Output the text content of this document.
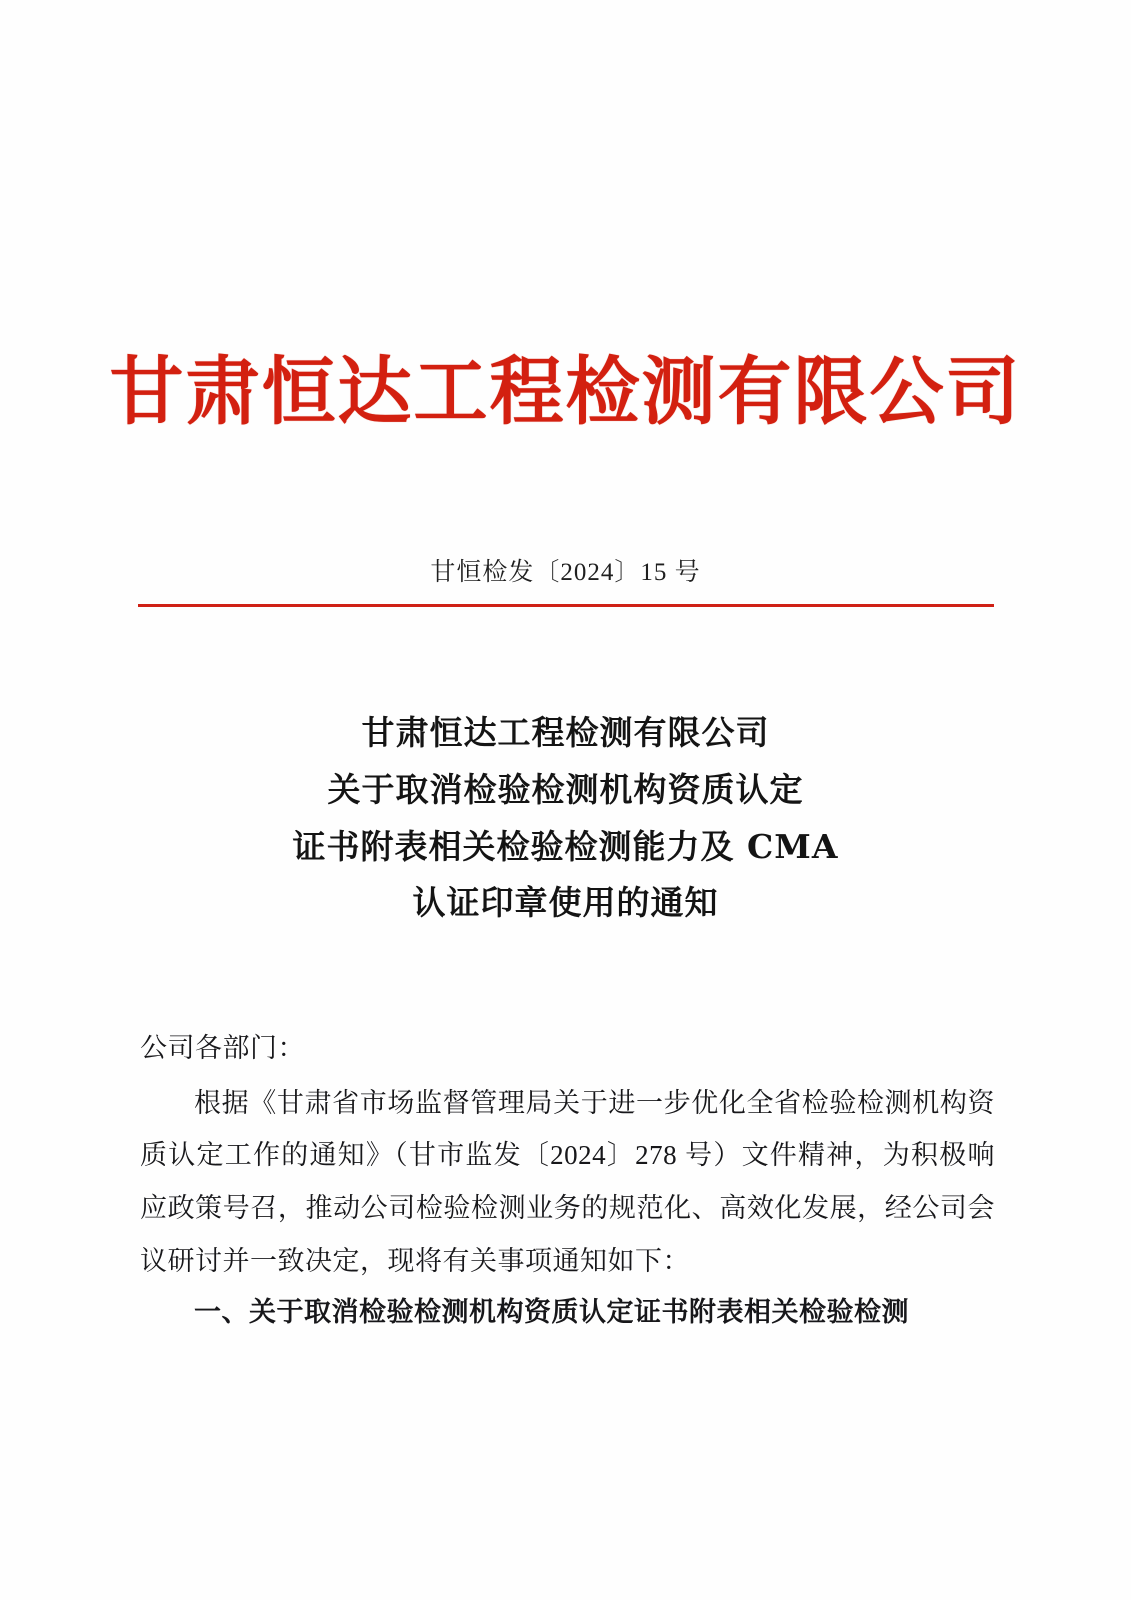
甘肃恒达工程检测有限公司
甘恒检发〔2024〕15 号
甘肃恒达工程检测有限公司
关于取消检验检测机构资质认定
证书附表相关检验检测能力及 CMA
认证印章使用的通知

公司各部门：

根据《甘肃省市场监督管理局关于进一步优化全省检验检测机构资质认定工作的通知》（甘市监发〔2024〕278 号）文件精神，为积极响应政策号召，推动公司检验检测业务的规范化、高效化发展，经公司会议研讨并一致决定，现将有关事项通知如下：

一、关于取消检验检测机构资质认定证书附表相关检验检测
